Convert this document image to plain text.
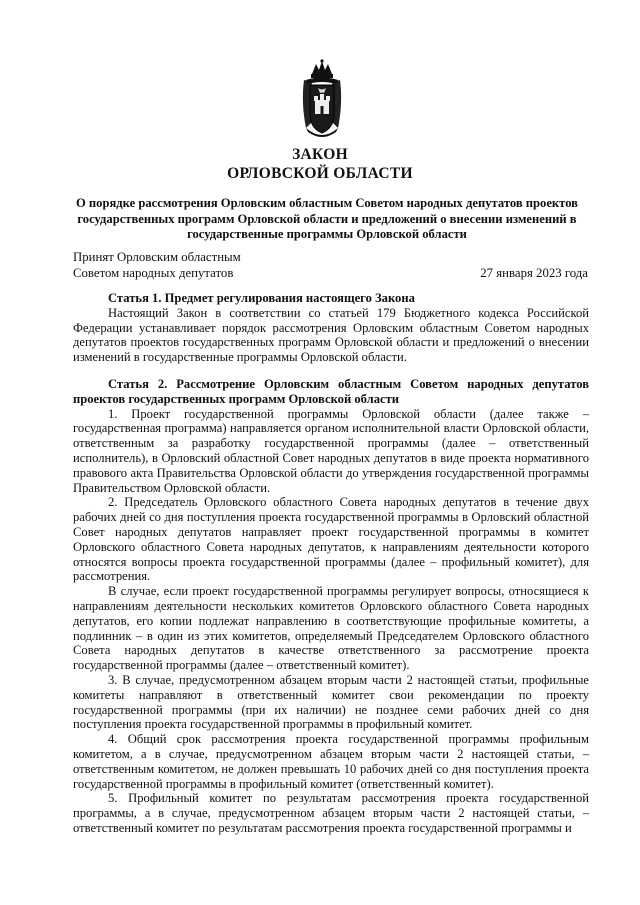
ЗАКОН
ОРЛОВСКОЙ ОБЛАСТИ
О порядке рассмотрения Орловским областным Советом народных депутатов проектов государственных программ Орловской области и предложений о внесении изменений в государственные программы Орловской области
Принят Орловским областным
Советом народных депутатов	27 января 2023 года
Статья 1. Предмет регулирования настоящего Закона

Настоящий Закон в соответствии со статьей 179 Бюджетного кодекса Российской Федерации устанавливает порядок рассмотрения Орловским областным Советом народных депутатов проектов государственных программ Орловской области и предложений о внесении изменений в государственные программы Орловской области.

Статья 2. Рассмотрение Орловским областным Советом народных депутатов проектов государственных программ Орловской области

1. Проект государственной программы Орловской области (далее также – государственная программа) направляется органом исполнительной власти Орловской области, ответственным за разработку государственной программы (далее – ответственный исполнитель), в Орловский областной Совет народных депутатов в виде проекта нормативного правового акта Правительства Орловской области до утверждения государственной программы Правительством Орловской области.

2. Председатель Орловского областного Совета народных депутатов в течение двух рабочих дней со дня поступления проекта государственной программы в Орловский областной Совет народных депутатов направляет проект государственной программы в комитет Орловского областного Совета народных депутатов, к направлениям деятельности которого относятся вопросы проекта государственной программы (далее – профильный комитет), для рассмотрения.

В случае, если проект государственной программы регулирует вопросы, относящиеся к направлениям деятельности нескольких комитетов Орловского областного Совета народных депутатов, его копии подлежат направлению в соответствующие профильные комитеты, а подлинник – в один из этих комитетов, определяемый Председателем Орловского областного Совета народных депутатов в качестве ответственного за рассмотрение проекта государственной программы (далее – ответственный комитет).

3. В случае, предусмотренном абзацем вторым части 2 настоящей статьи, профильные комитеты направляют в ответственный комитет свои рекомендации по проекту государственной программы (при их наличии) не позднее семи рабочих дней со дня поступления проекта государственной программы в профильный комитет.

4. Общий срок рассмотрения проекта государственной программы профильным комитетом, а в случае, предусмотренном абзацем вторым части 2 настоящей статьи, – ответственным комитетом, не должен превышать 10 рабочих дней со дня поступления проекта государственной программы в профильный комитет (ответственный комитет).

5. Профильный комитет по результатам рассмотрения проекта государственной программы, а в случае, предусмотренном абзацем вторым части 2 настоящей статьи, – ответственный комитет по результатам рассмотрения проекта государственной программы и
